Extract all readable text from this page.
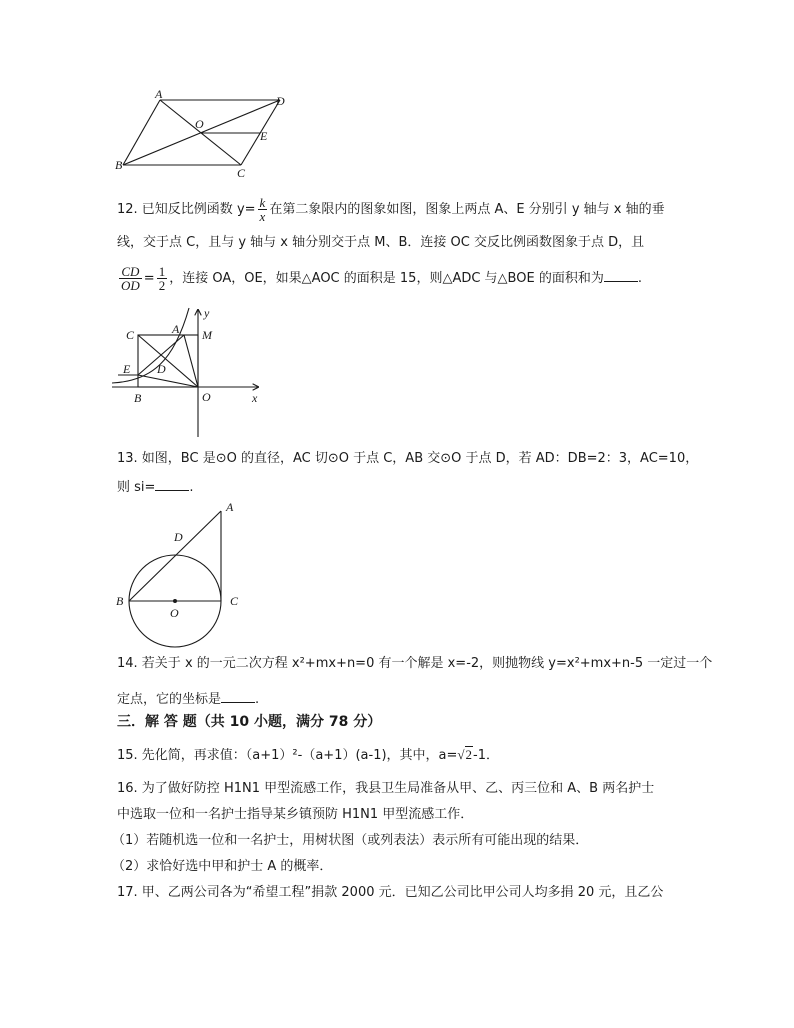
A	D
O
E
B
C
12. 已知反比例函数 $y= \frac{k}{x}$ 在第二象限内的图象如图，图象上两点 A、E 分别引 y 轴与 x 轴的垂
线，交于点 C，且与 y 轴与 x 轴分别交于点 M、B．连接 OC 交反比例函数图象于点 D，且
$\frac{CD}{OD} = \frac{1}{2}$ ，连接 OA，OE，如果△AOC 的面积是 15，则△ADC 与△BOE 的面积和为	.
y
C	A M
E D
B	O	x
13. 如图，BC 是⊙O 的直径，AC 切⊙O 于点 C，AB 交⊙O 于点 D，若 AD：DB=2：3，AC=10，
则 si=	.
A
D
B
O
C
14. 若关于 x 的一元二次方程 x²+mx+n=0 有一个解是 x=-2，则抛物线 y=x²+mx+n-5 一定过一个
定点，它的坐标是	.
三．解 答 题（共 10 小题，满分 78 分）
15. 先化简，再求值：（a+1）²-（a+1）(a-1)，其中，a=√2-1．
16. 为了做好防控 H1N1 甲型流感工作，我县卫生局准备从甲、乙、丙三位和 A、B 两名护士
中选取一位和一名护士指导某乡镇预防 H1N1 甲型流感工作．
（1）若随机选一位和一名护士，用树状图（或列表法）表示所有可能出现的结果．
（2）求恰好选中甲和护士 A 的概率．
17. 甲、乙两公司各为“希望工程”捐款 2000 元．已知乙公司比甲公司人均多捐 20 元，且乙公
